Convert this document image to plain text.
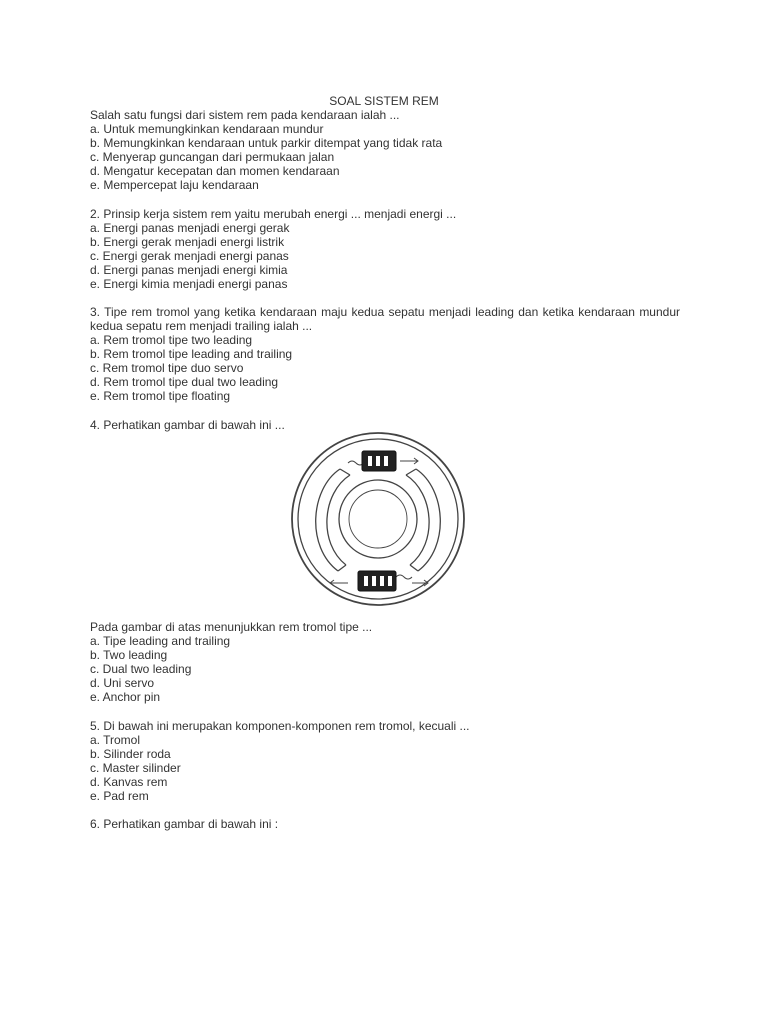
SOAL SISTEM REM
Salah satu fungsi dari sistem rem pada kendaraan ialah ...
a. Untuk memungkinkan kendaraan mundur
b. Memungkinkan kendaraan untuk parkir ditempat yang tidak rata
c. Menyerap guncangan dari permukaan jalan
d. Mengatur kecepatan dan momen kendaraan
e. Mempercepat laju kendaraan
2. Prinsip kerja sistem rem yaitu merubah energi ... menjadi energi ...
a. Energi panas menjadi energi gerak
b. Energi gerak menjadi energi listrik
c. Energi gerak menjadi energi panas
d. Energi panas menjadi energi kimia
e. Energi kimia menjadi energi panas
3. Tipe rem tromol yang ketika kendaraan maju kedua sepatu menjadi leading dan ketika kendaraan mundur kedua sepatu rem menjadi trailing ialah ...
a. Rem tromol tipe two leading
b. Rem tromol tipe leading and trailing
c. Rem tromol tipe duo servo
d. Rem tromol tipe dual two leading
e. Rem tromol tipe floating
4. Perhatikan gambar di bawah ini ...
Pada gambar di atas menunjukkan rem tromol tipe ...
a. Tipe leading and trailing
b. Two leading
c. Dual two leading
d. Uni servo
e. Anchor pin
5. Di bawah ini merupakan komponen-komponen rem tromol, kecuali ...
a. Tromol
b. Silinder roda
c. Master silinder
d. Kanvas rem
e. Pad rem
6. Perhatikan gambar di bawah ini :
